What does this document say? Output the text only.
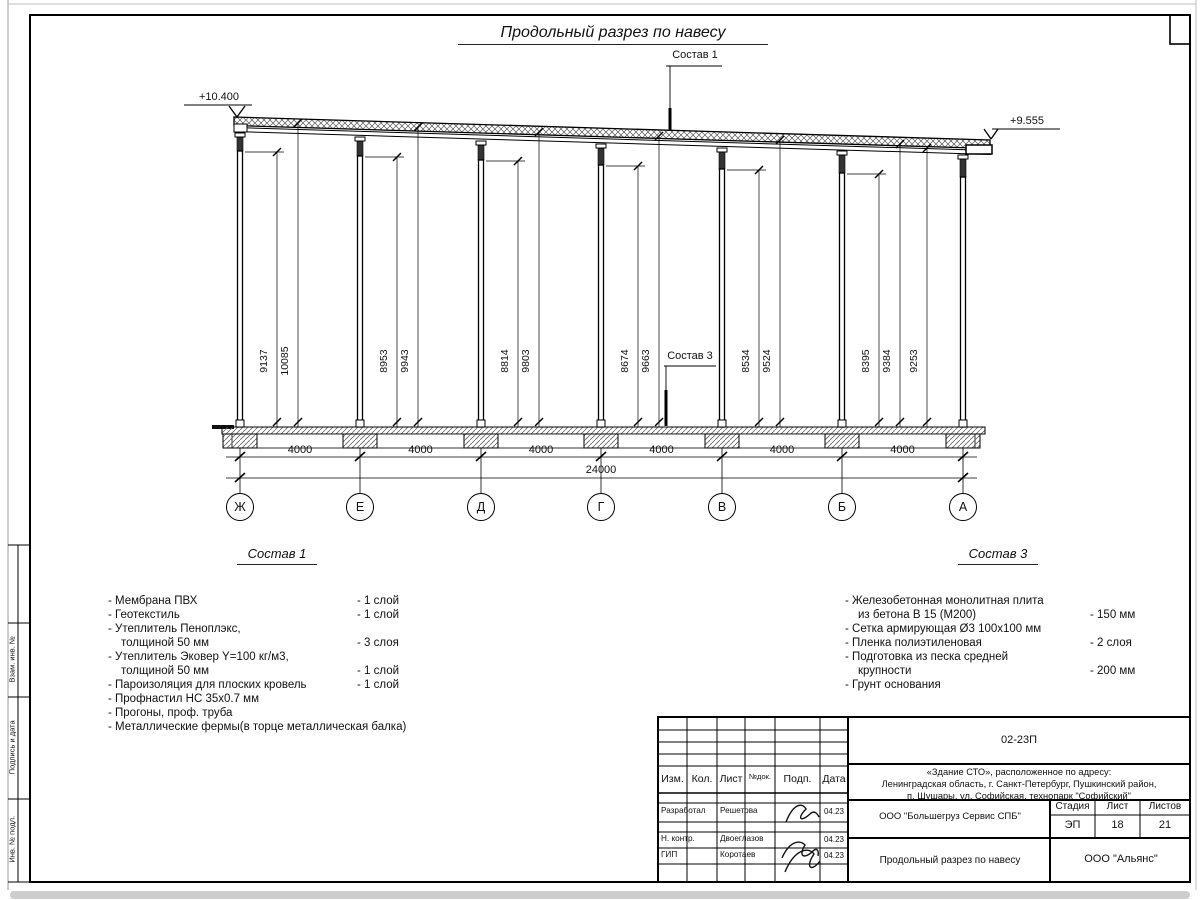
Продольный разрез по навесу
Состав 1
Состав 3
+10.400
+9.555
24000
Состав 1	Состав 3
02-23П
ООО "Большегруз Сервис СПБ"
Продольный разрез по навесу	ООО "Альянс"
Стадия	Лист	Листов
ЭП	18	21
Ж	Е	Д	Г	В	Б	А
4000	4000	4000	4000	4000	4000
9137 10085	8953 9943	8814 9803	8674 9663	8534 9524	8395 9384 9253
- Мембрана ПВХ	- 1 слой
- Геотекстиль	- 1 слой
- Утеплитель Пеноплэкс,
толщиной 50 мм	- 3 слоя
- Утеплитель Эковер Y=100 кг/м3,
толщиной 50 мм	- 1 слой
- Пароизоляция для плоских кровель	- 1 слой
- Профнастил НС 35х0.7 мм
- Прогоны, проф. труба
- Металлические фермы(в торце металлическая балка)
- Железобетонная монолитная плита
из бетона В 15 (М200)	- 150 мм
- Сетка армирующая Ø3 100х100 мм
- Пленка полиэтиленовая	- 2 слоя
- Подготовка из песка средней
крупности	- 200 мм
- Грунт основания
Изм. Кол. Лист №док.	Подп.	Дата
Разработал	Решетова	04.23
Н. контр.	Двоеглазов	04.23
ГИП	Коротаев	04.23
«Здание СТО», расположенное по адресу:
Ленинградская область, г. Санкт-Петербург, Пушкинский район,
п. Шушары, ул. Софийская, технопарк "Софийский"
Взам. инв. №
Подпись и дата
Инв. № подл.
